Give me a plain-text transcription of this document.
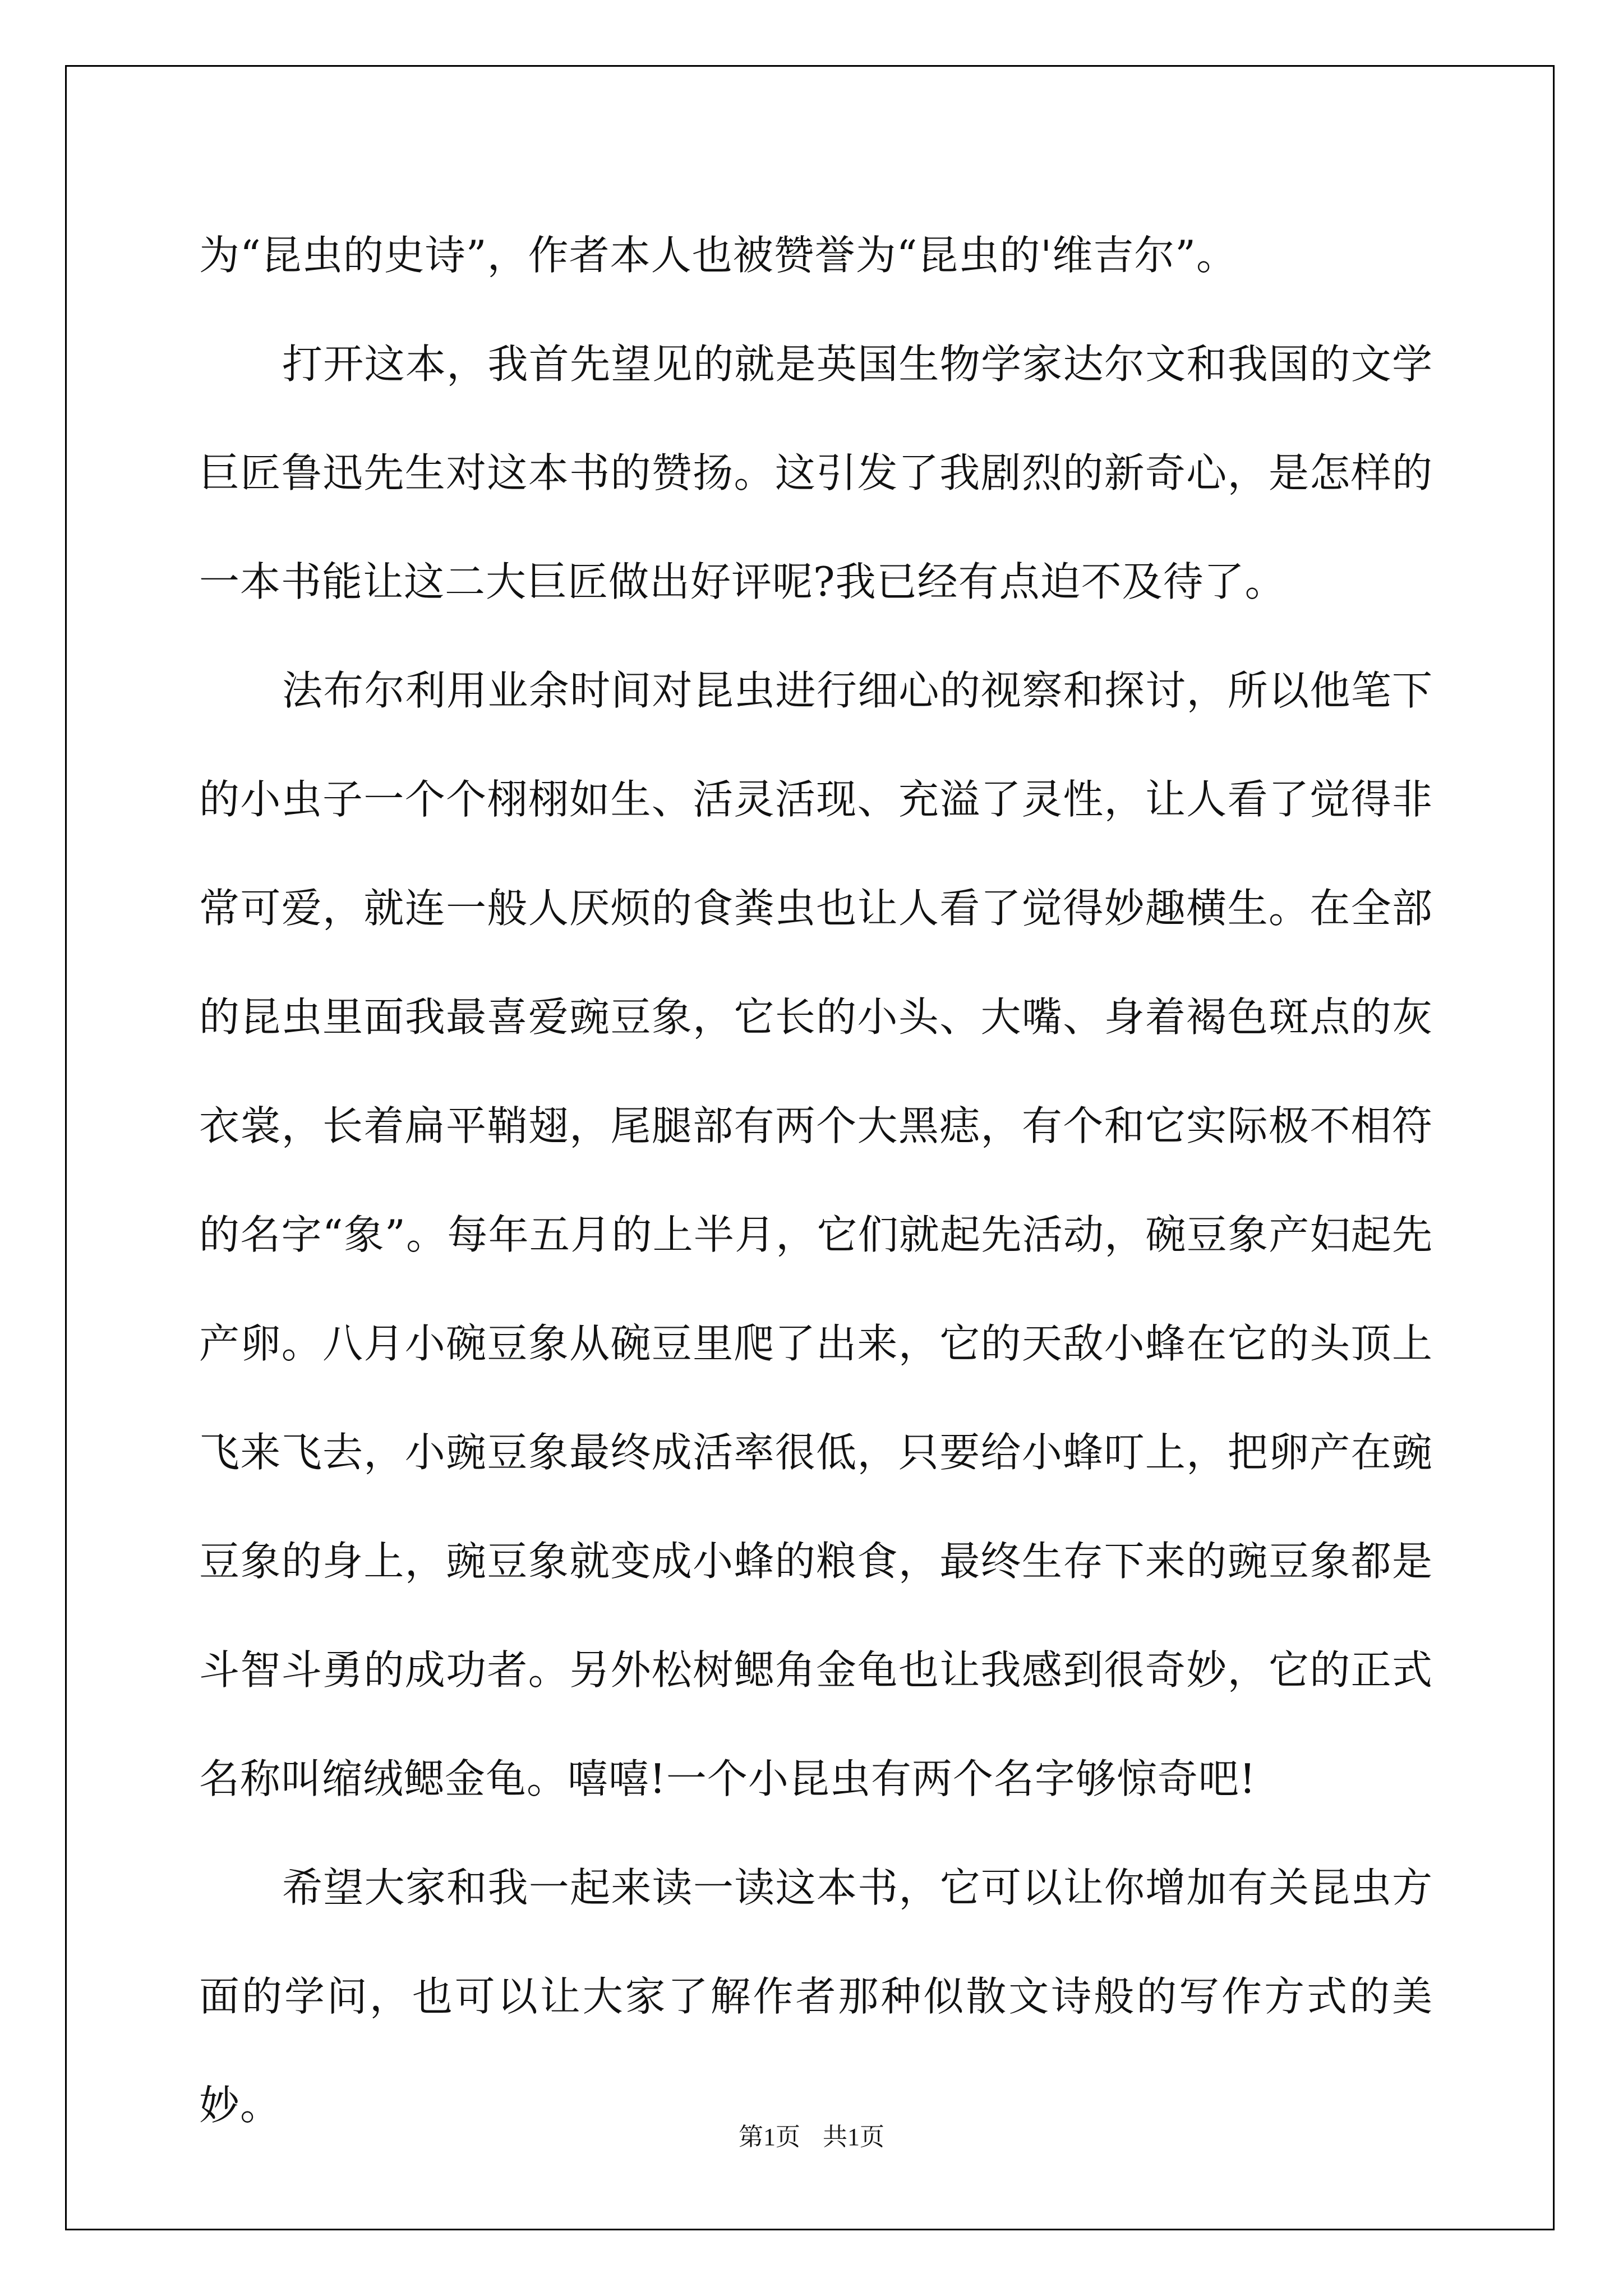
为“昆虫的史诗”，作者本人也被赞誉为“昆虫的'维吉尔”。

打开这本，我首先望见的就是英国生物学家达尔文和我国的文学巨匠鲁迅先生对这本书的赞扬。这引发了我剧烈的新奇心，是怎样的一本书能让这二大巨匠做出好评呢?我已经有点迫不及待了。

法布尔利用业余时间对昆虫进行细心的视察和探讨，所以他笔下的小虫子一个个栩栩如生、活灵活现、充溢了灵性，让人看了觉得非常可爱，就连一般人厌烦的食粪虫也让人看了觉得妙趣横生。在全部的昆虫里面我最喜爱豌豆象，它长的小头、大嘴、身着褐色斑点的灰衣裳，长着扁平鞘翅，尾腿部有两个大黑痣，有个和它实际极不相符的名字“象”。每年五月的上半月，它们就起先活动，碗豆象产妇起先产卵。八月小碗豆象从碗豆里爬了出来，它的天敌小蜂在它的头顶上飞来飞去，小豌豆象最终成活率很低，只要给小蜂叮上，把卵产在豌豆象的身上，豌豆象就变成小蜂的粮食，最终生存下来的豌豆象都是斗智斗勇的成功者。另外松树鳃角金龟也让我感到很奇妙，它的正式名称叫缩绒鳃金龟。嘻嘻!一个小昆虫有两个名字够惊奇吧!

希望大家和我一起来读一读这本书，它可以让你增加有关昆虫方面的学问，也可以让大家了解作者那种似散文诗般的写作方式的美妙。

第1页 共1页
